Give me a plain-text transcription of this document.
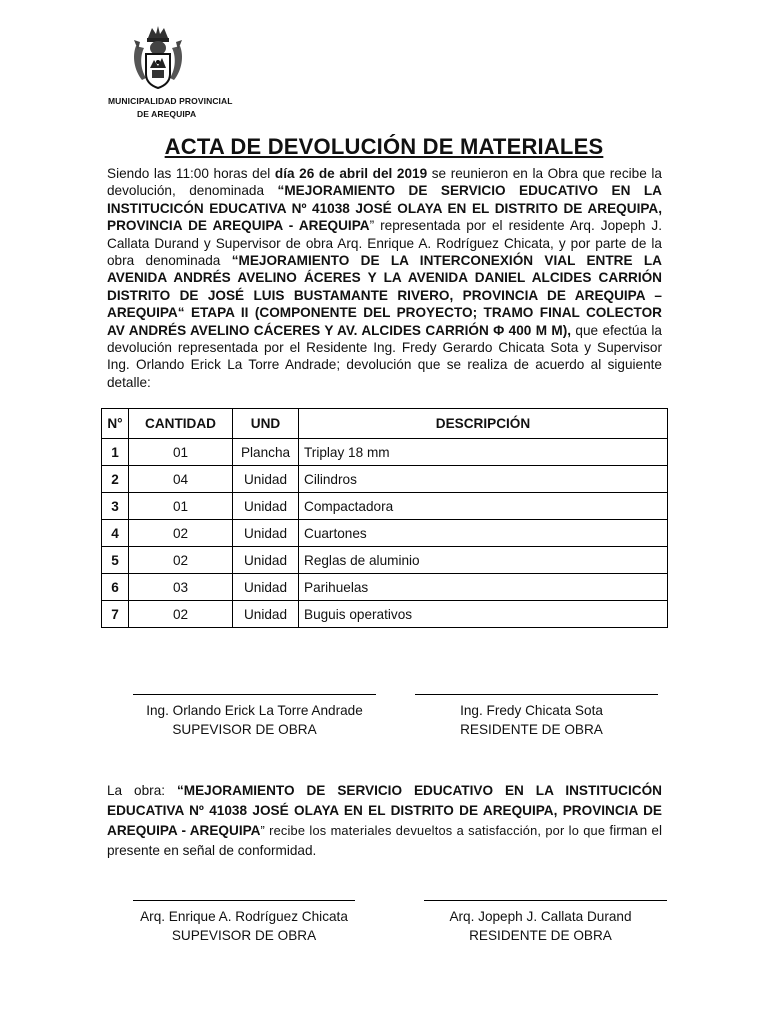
MUNICIPALIDAD PROVINCIAL
DE AREQUIPA
ACTA DE DEVOLUCIÓN DE MATERIALES
Siendo las 11:00 horas del día 26 de abril del 2019 se reunieron en la Obra que recibe la devolución, denominada “MEJORAMIENTO DE SERVICIO EDUCATIVO EN LA INSTITUCICÓN EDUCATIVA Nº 41038 JOSÉ OLAYA EN EL DISTRITO DE AREQUIPA, PROVINCIA DE AREQUIPA - AREQUIPA” representada por el residente Arq. Jopeph J. Callata Durand y Supervisor de obra Arq. Enrique A. Rodríguez Chicata, y por parte de la obra denominada “MEJORAMIENTO DE LA INTERCONEXIÓN VIAL ENTRE LA AVENIDA ANDRÉS AVELINO ÁCERES Y LA AVENIDA DANIEL ALCIDES CARRIÓN DISTRITO DE JOSÉ LUIS BUSTAMANTE RIVERO, PROVINCIA DE AREQUIPA – AREQUIPA“ ETAPA II (COMPONENTE DEL PROYECTO; TRAMO FINAL COLECTOR AV ANDRÉS AVELINO CÁCERES Y AV. ALCIDES CARRIÓN Φ 400 M M), que efectúa la devolución representada por el Residente Ing. Fredy Gerardo Chicata Sota y Supervisor Ing. Orlando Erick La Torre Andrade; devolución que se realiza de acuerdo al siguiente detalle:
N°	CANTIDAD	UND	DESCRIPCIÓN
1	01	Plancha	Triplay 18 mm
2	04	Unidad	Cilindros
3	01	Unidad	Compactadora
4	02	Unidad	Cuartones
5	02	Unidad	Reglas de aluminio
6	03	Unidad	Parihuelas
7	02	Unidad	Buguis operativos
Ing. Orlando Erick La Torre Andrade
SUPEVISOR DE OBRA
Ing. Fredy Chicata Sota
RESIDENTE DE OBRA
La obra: “MEJORAMIENTO DE SERVICIO EDUCATIVO EN LA INSTITUCICÓN EDUCATIVA Nº 41038 JOSÉ OLAYA EN EL DISTRITO DE AREQUIPA, PROVINCIA DE AREQUIPA - AREQUIPA” recibe los materiales devueltos a satisfacción, por lo que firman el presente en señal de conformidad.
Arq. Enrique A. Rodríguez Chicata
SUPEVISOR DE OBRA
Arq. Jopeph J. Callata Durand
RESIDENTE DE OBRA
